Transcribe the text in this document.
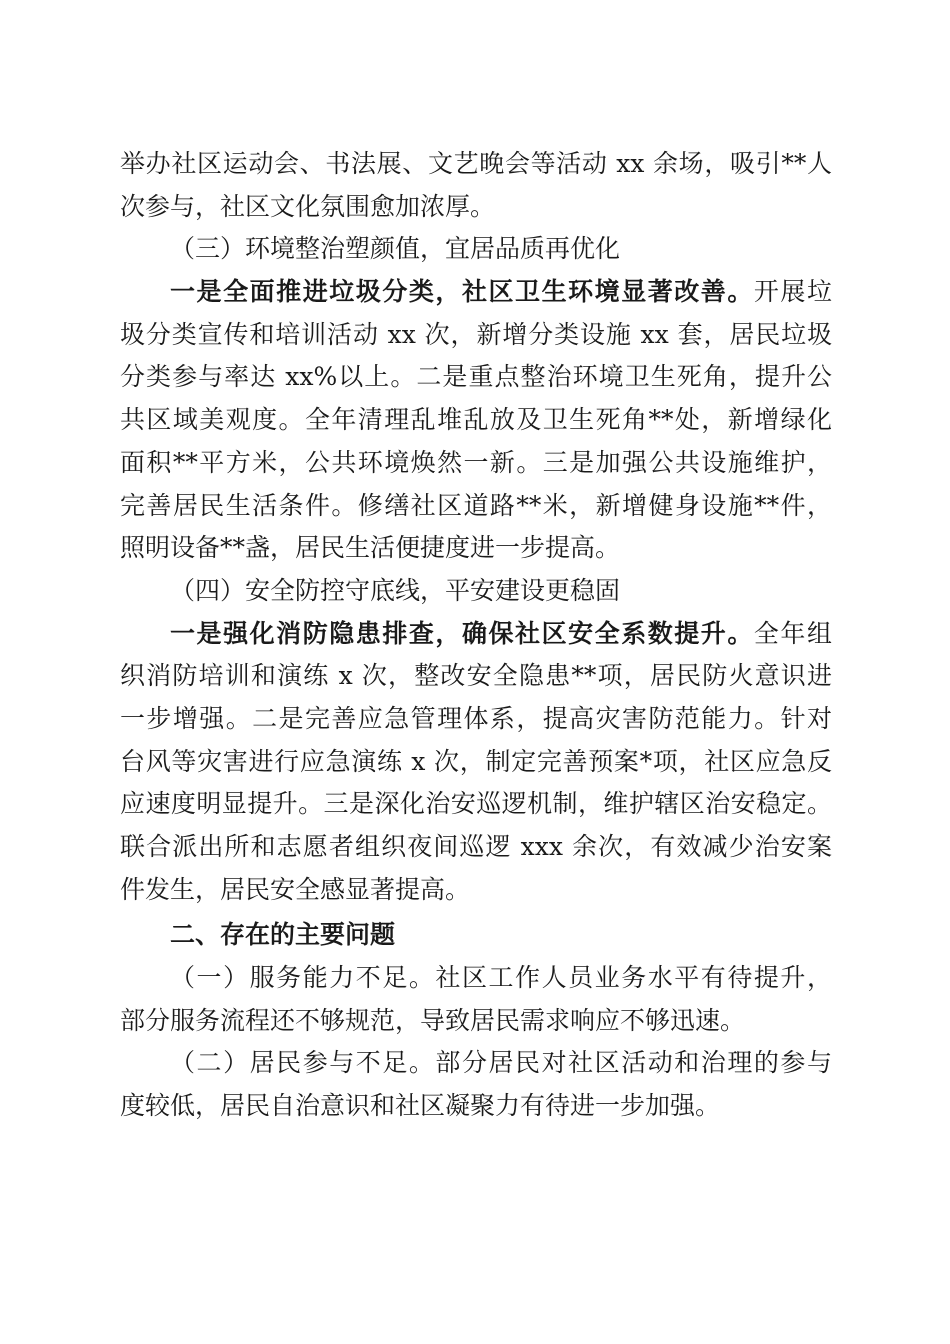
举办社区运动会、书法展、文艺晚会等活动 xx 余场，吸引**人
次参与，社区文化氛围愈加浓厚。
（三）环境整治塑颜值，宜居品质再优化
一是全面推进垃圾分类，社区卫生环境显著改善。开展垃
圾分类宣传和培训活动 xx 次，新增分类设施 xx 套，居民垃圾
分类参与率达 xx%以上。二是重点整治环境卫生死角，提升公
共区域美观度。全年清理乱堆乱放及卫生死角**处，新增绿化
面积**平方米，公共环境焕然一新。三是加强公共设施维护，
完善居民生活条件。修缮社区道路**米，新增健身设施**件，
照明设备**盏，居民生活便捷度进一步提高。
（四）安全防控守底线，平安建设更稳固
一是强化消防隐患排查，确保社区安全系数提升。全年组
织消防培训和演练 x 次，整改安全隐患**项，居民防火意识进
一步增强。二是完善应急管理体系，提高灾害防范能力。针对
台风等灾害进行应急演练 x 次，制定完善预案*项，社区应急反
应速度明显提升。三是深化治安巡逻机制，维护辖区治安稳定。
联合派出所和志愿者组织夜间巡逻 xxx 余次，有效减少治安案
件发生，居民安全感显著提高。
二、存在的主要问题
（一）服务能力不足。社区工作人员业务水平有待提升，
部分服务流程还不够规范，导致居民需求响应不够迅速。
（二）居民参与不足。部分居民对社区活动和治理的参与
度较低，居民自治意识和社区凝聚力有待进一步加强。
